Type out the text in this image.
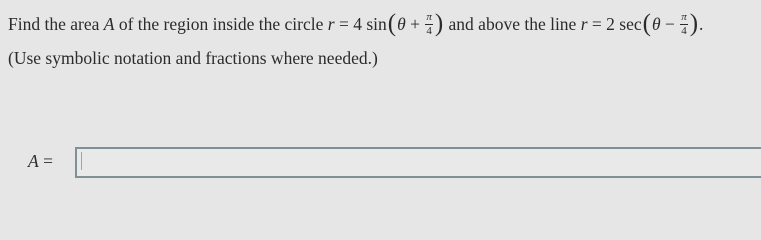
Find the area A of the region inside the circle r = 4 $\sin(\theta + \frac{\pi}{4}$ ) and above the line r = 2 $\sec(\theta - \frac{\pi}{4}$ ).
(Use symbolic notation and fractions where needed.)
A =
